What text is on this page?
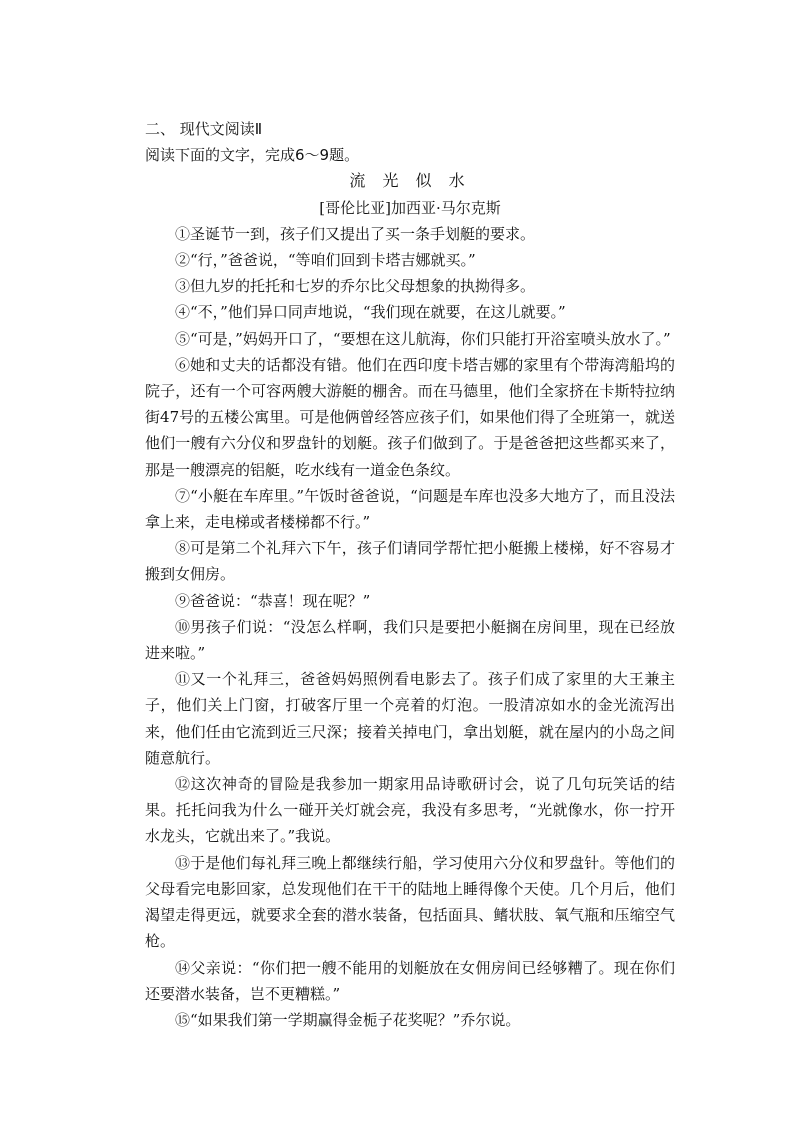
二、 现代文阅读Ⅱ

阅读下面的文字，完成6～9题。

流 光 似 水

[哥伦比亚]加西亚·马尔克斯

①圣诞节一到，孩子们又提出了买一条手划艇的要求。

②“行，”爸爸说，“等咱们回到卡塔吉娜就买。”

③但九岁的托托和七岁的乔尔比父母想象的执拗得多。

④“不，”他们异口同声地说，“我们现在就要，在这儿就要。”

⑤“可是，”妈妈开口了，“要想在这儿航海，你们只能打开浴室喷头放水了。”

⑥她和丈夫的话都没有错。他们在西印度卡塔吉娜的家里有个带海湾船坞的院子，还有一个可容两艘大游艇的棚舍。而在马德里，他们全家挤在卡斯特拉纳街47号的五楼公寓里。可是他俩曾经答应孩子们，如果他们得了全班第一，就送他们一艘有六分仪和罗盘针的划艇。孩子们做到了。于是爸爸把这些都买来了，那是一艘漂亮的铝艇，吃水线有一道金色条纹。

⑦“小艇在车库里。”午饭时爸爸说，“问题是车库也没多大地方了，而且没法拿上来，走电梯或者楼梯都不行。”

⑧可是第二个礼拜六下午，孩子们请同学帮忙把小艇搬上楼梯，好不容易才搬到女佣房。

⑨爸爸说：“恭喜！现在呢？”

⑩男孩子们说：“没怎么样啊，我们只是要把小艇搁在房间里，现在已经放进来啦。”

⑪又一个礼拜三，爸爸妈妈照例看电影去了。孩子们成了家里的大王兼主子，他们关上门窗，打破客厅里一个亮着的灯泡。一股清凉如水的金光流泻出来，他们任由它流到近三尺深；接着关掉电门，拿出划艇，就在屋内的小岛之间随意航行。

⑫这次神奇的冒险是我参加一期家用品诗歌研讨会，说了几句玩笑话的结果。托托问我为什么一碰开关灯就会亮，我没有多思考，“光就像水，你一拧开水龙头，它就出来了。”我说。

⑬于是他们每礼拜三晚上都继续行船，学习使用六分仪和罗盘针。等他们的父母看完电影回家，总发现他们在干干的陆地上睡得像个天使。几个月后，他们渴望走得更远，就要求全套的潜水装备，包括面具、鳍状肢、氧气瓶和压缩空气枪。

⑭父亲说：“你们把一艘不能用的划艇放在女佣房间已经够糟了。现在你们还要潜水装备，岂不更糟糕。”

⑮“如果我们第一学期赢得金栀子花奖呢？”乔尔说。
